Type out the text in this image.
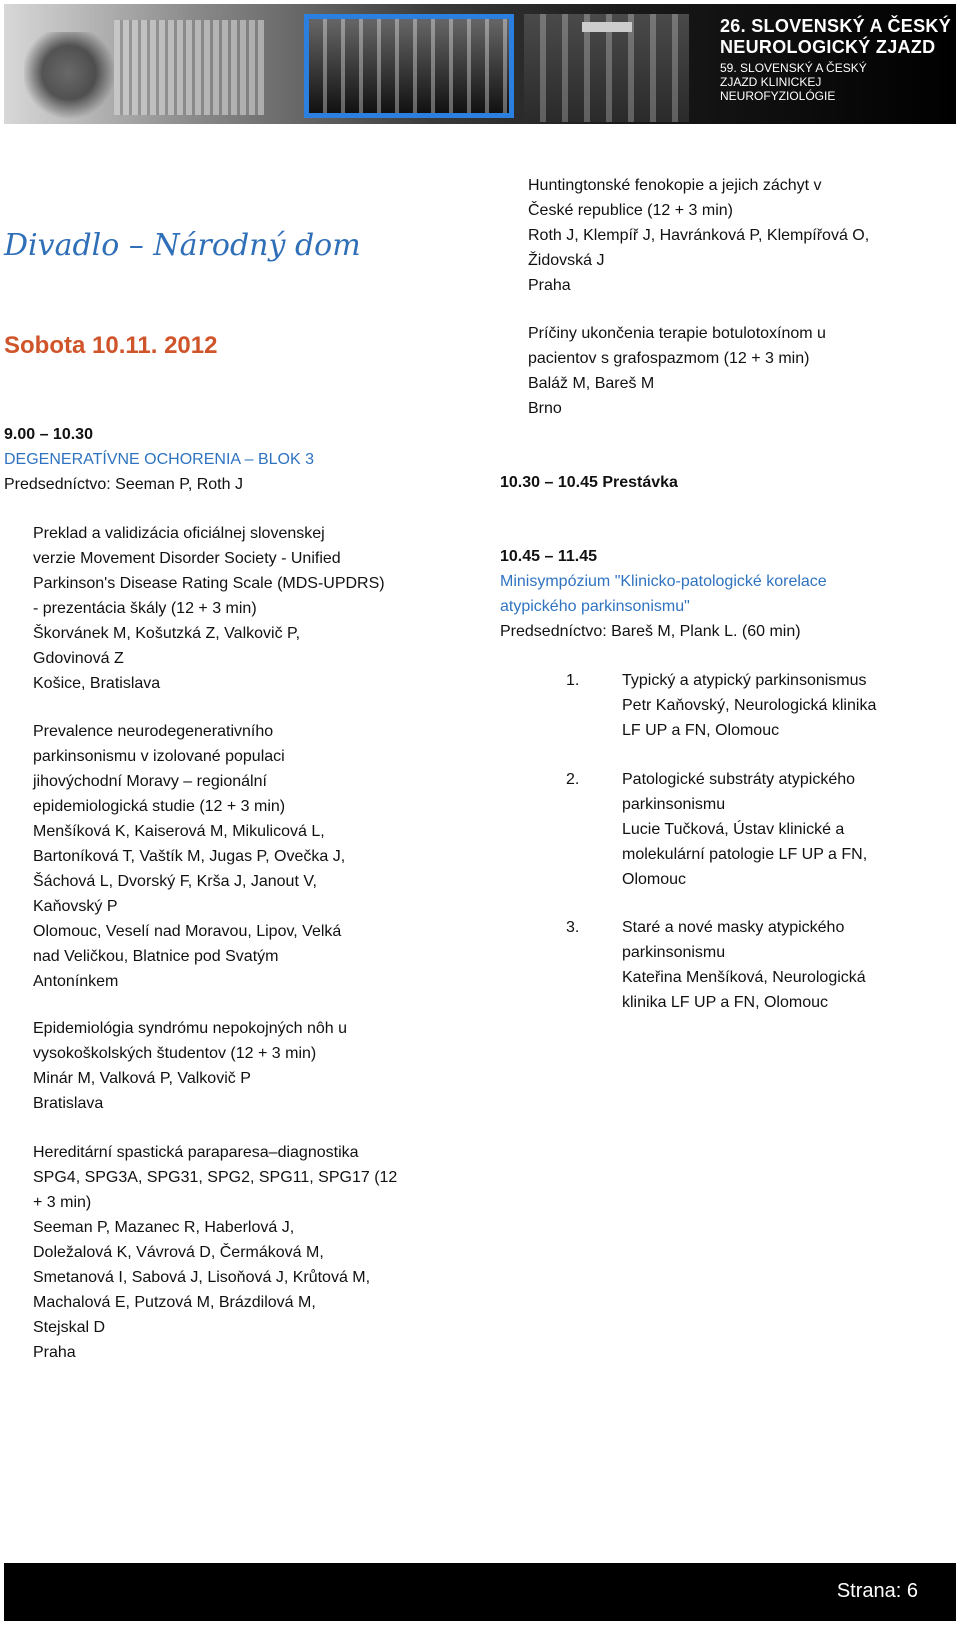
26. SLOVENSKÝ A ČESKÝ
NEUROLOGICKÝ ZJAZD
59. SLOVENSKÝ A ČESKÝ
ZJAZD KLINICKEJ
NEUROFYZIOLÓGIE
Divadlo – Národný dom
Sobota 10.11. 2012
9.00 – 10.30
DEGENERATÍVNE OCHORENIA – BLOK 3
Predsedníctvo: Seeman P, Roth J
Preklad a validizácia oficiálnej slovenskej
verzie Movement Disorder Society - Unified
Parkinson's Disease Rating Scale (MDS-UPDRS)
- prezentácia škály (12 + 3 min)
Škorvánek M, Košutzká Z, Valkovič P,
Gdovinová Z
Košice, Bratislava
Prevalence neurodegenerativního
parkinsonismu v izolované populaci
jihovýchodní Moravy – regionální
epidemiologická studie (12 + 3 min)
Menšíková K, Kaiserová M, Mikulicová L,
Bartoníková T, Vaštík M, Jugas P, Ovečka J,
Šáchová L, Dvorský F, Krša J, Janout V,
Kaňovský P
Olomouc, Veselí nad Moravou, Lipov, Velká
nad Veličkou, Blatnice pod Svatým
Antonínkem
Epidemiológia syndrómu nepokojných nôh u
vysokoškolských študentov (12 + 3 min)
Minár M, Valková P, Valkovič P
Bratislava
Hereditární spastická paraparesa–diagnostika
SPG4, SPG3A, SPG31, SPG2, SPG11, SPG17 (12
+ 3 min)
Seeman P, Mazanec R, Haberlová J,
Doležalová K, Vávrová D, Čermáková M,
Smetanová I, Sabová J, Lisoňová J, Krůtová M,
Machalová E, Putzová M, Brázdilová M,
Stejskal D
Praha
Huntingtonské fenokopie a jejich záchyt v
České republice (12 + 3 min)
Roth J, Klempíř J, Havránková P, Klempířová O,
Židovská J
Praha
Príčiny ukončenia terapie botulotoxínom u
pacientov s grafospazmom (12 + 3 min)
Baláž M, Bareš M
Brno
10.30 – 10.45 Prestávka
10.45 – 11.45
Minisympózium "Klinicko-patologické korelace
atypického parkinsonismu"
Predsedníctvo: Bareš M, Plank L. (60 min)
1.	Typický a atypický parkinsonismus
Petr Kaňovský, Neurologická klinika
LF UP a FN, Olomouc
2.	Patologické substráty atypického
parkinsonismu
Lucie Tučková, Ústav klinické a
molekulární patologie LF UP a FN,
Olomouc
3.	Staré a nové masky atypického
parkinsonismu
Kateřina Menšíková, Neurologická
klinika LF UP a FN, Olomouc
Strana: 6
